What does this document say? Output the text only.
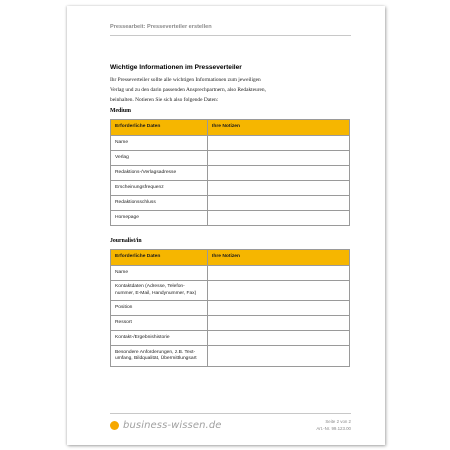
Pressearbeit: Presseverteiler erstellen
Wichtige Informationen im Presseverteiler
Ihr Presseverteiler sollte alle wichtigen Informationen zum jeweiligen
Verlag und zu den darin passenden Ansprechpartnern, also Redakteuren,
beinhalten. Notieren Sie sich also folgende Daten:
Medium
Erforderliche Daten	Ihre Notizen
Name	
Verlag	
Redaktions-/Verlagsadresse	
Erscheinungsfrequenz	
Redaktionsschluss	
Homepage	
Journalist/in
Erforderliche Daten	Ihre Notizen

Name	

Kontaktdaten (Adresse, Telefon-
nummer, E-Mail, Handynummer, Fax)	

Position	

Ressort	

Kontakt-/Ergebnishistorie	

Besondere Anforderungen, z.B. Text-
umfang, Bildqualität, Übermittlungsart	

business-wissen.de	Seite 2 von 2
Art.-Nr. 99.123.00
